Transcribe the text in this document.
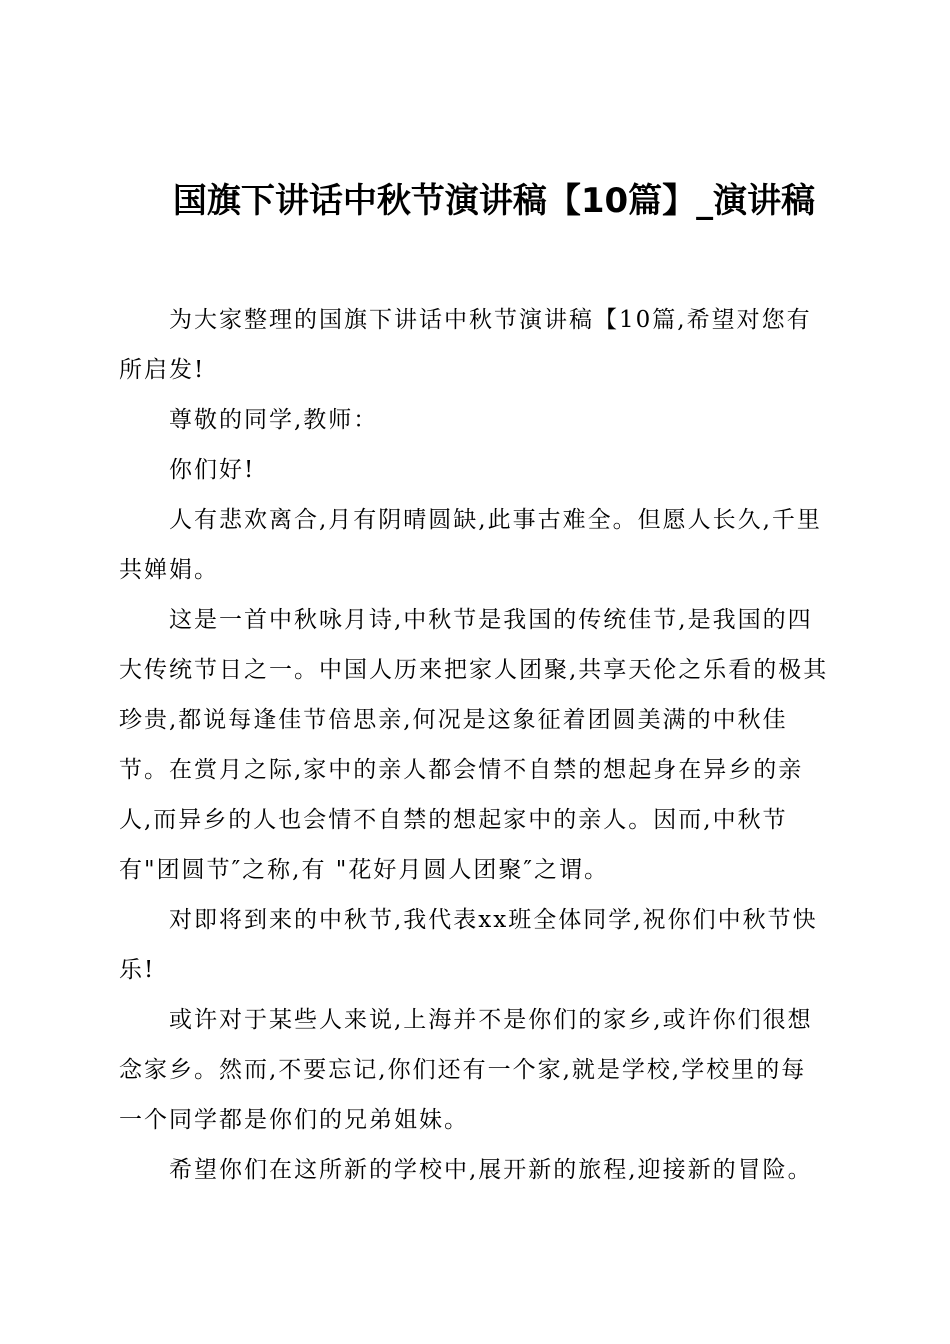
国旗下讲话中秋节演讲稿【10篇】_演讲稿

为大家整理的国旗下讲话中秋节演讲稿【10篇,希望对您有所启发!

尊敬的同学,教师：

你们好!

人有悲欢离合,月有阴晴圆缺,此事古难全。但愿人长久,千里共婵娟。

这是一首中秋咏月诗,中秋节是我国的传统佳节,是我国的四大传统节日之一。中国人历来把家人团聚,共享天伦之乐看的极其珍贵,都说每逢佳节倍思亲,何况是这象征着团圆美满的中秋佳节。在赏月之际,家中的亲人都会情不自禁的想起身在异乡的亲人,而异乡的人也会情不自禁的想起家中的亲人。因而,中秋节有"团圆节″之称,有 "花好月圆人团聚″之谓。

对即将到来的中秋节,我代表xx班全体同学,祝你们中秋节快乐!

或许对于某些人来说,上海并不是你们的家乡,或许你们很想念家乡。然而,不要忘记,你们还有一个家,就是学校,学校里的每一个同学都是你们的兄弟姐妹。

希望你们在这所新的学校中,展开新的旅程,迎接新的冒险。
